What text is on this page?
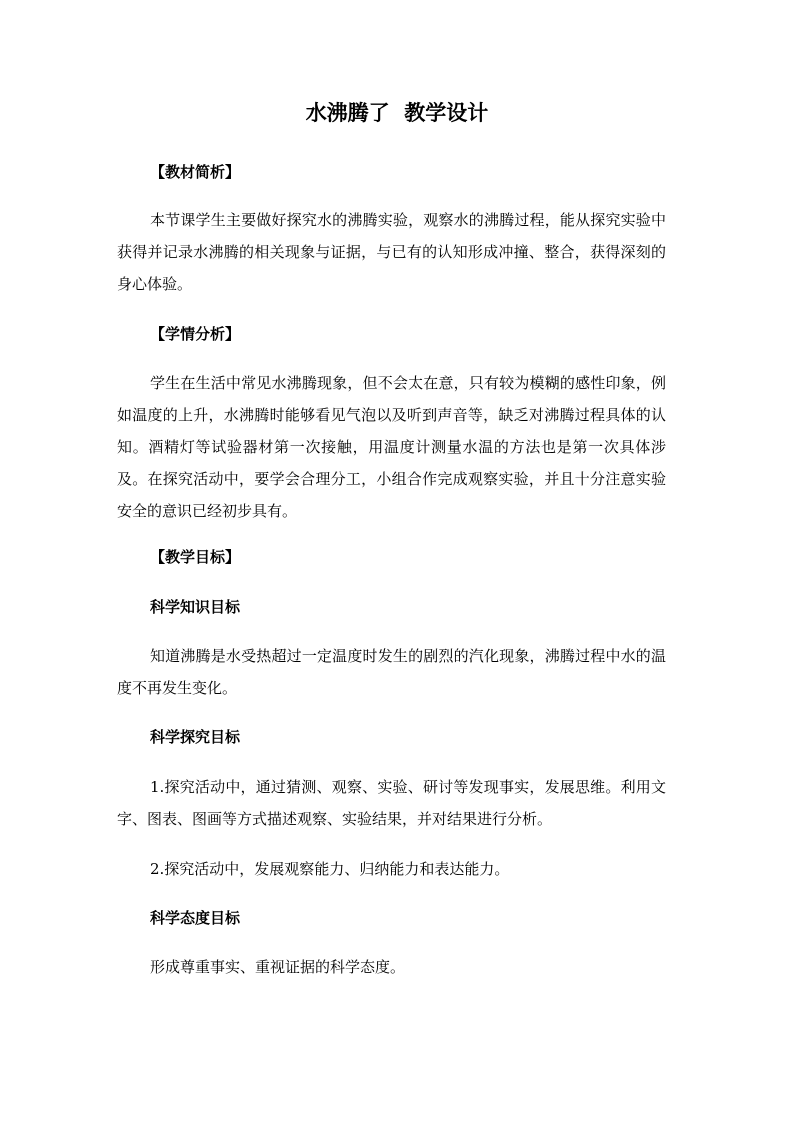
水沸腾了  教学设计
【教材简析】
本节课学生主要做好探究水的沸腾实验，观察水的沸腾过程，能从探究实验中获得并记录水沸腾的相关现象与证据，与已有的认知形成冲撞、整合，获得深刻的身心体验。
【学情分析】
学生在生活中常见水沸腾现象，但不会太在意，只有较为模糊的感性印象，例如温度的上升，水沸腾时能够看见气泡以及听到声音等，缺乏对沸腾过程具体的认知。酒精灯等试验器材第一次接触，用温度计测量水温的方法也是第一次具体涉及。在探究活动中，要学会合理分工，小组合作完成观察实验，并且十分注意实验安全的意识已经初步具有。
【教学目标】
科学知识目标
知道沸腾是水受热超过一定温度时发生的剧烈的汽化现象，沸腾过程中水的温 度不再发生变化。
科学探究目标
1.探究活动中，通过猜测、观察、实验、研讨等发现事实，发展思维。利用文字、图表、图画等方式描述观察、实验结果，并对结果进行分析。
2.探究活动中，发展观察能力、归纳能力和表达能力。
科学态度目标
形成尊重事实、重视证据的科学态度。
